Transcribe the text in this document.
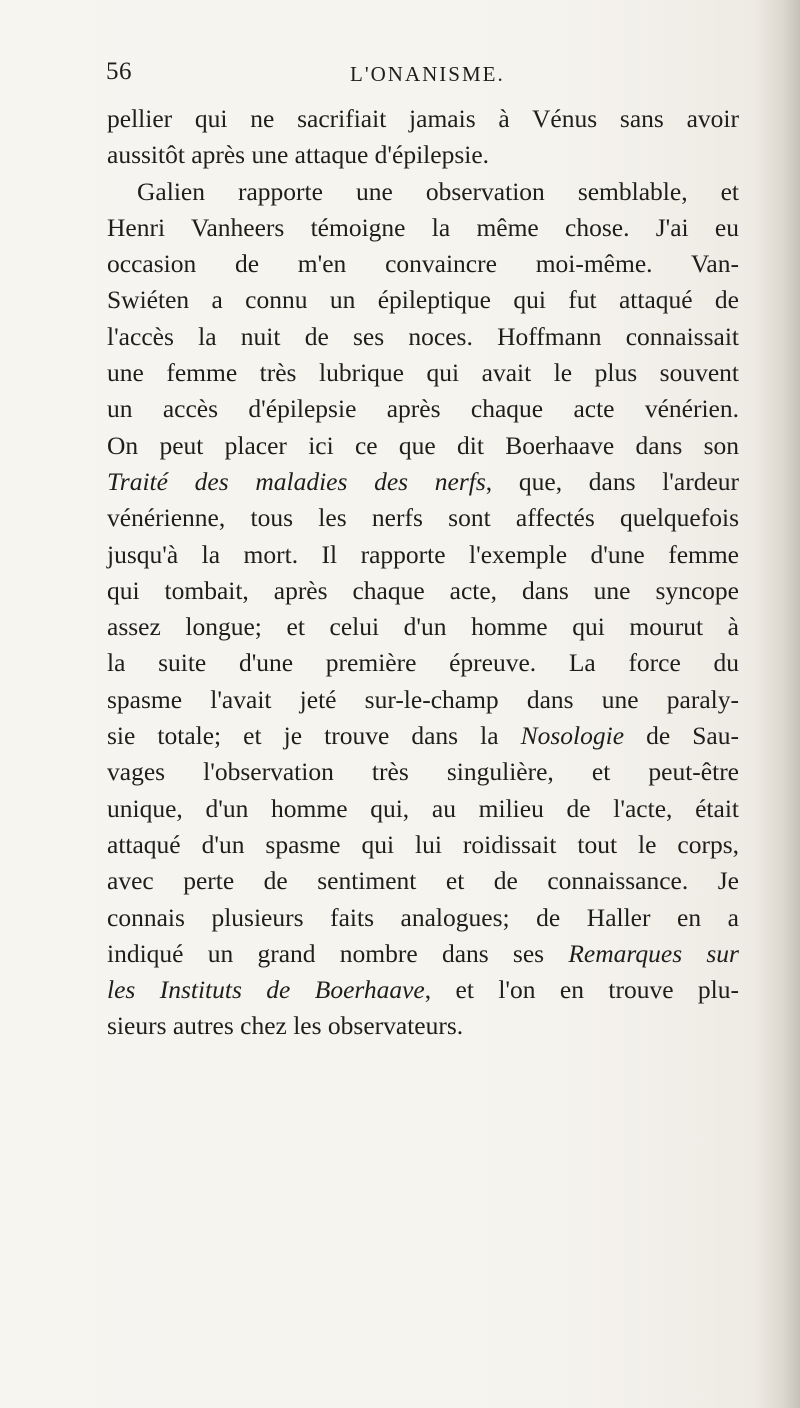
56	L'ONANISME.
pellier qui ne sacrifiait jamais à Vénus sans avoir
aussitôt après une attaque d'épilepsie.
Galien rapporte une observation semblable, et
Henri Vanheers témoigne la même chose. J'ai eu
occasion de m'en convaincre moi-même. Van-
Swiéten a connu un épileptique qui fut attaqué de
l'accès la nuit de ses noces. Hoffmann connaissait
une femme très lubrique qui avait le plus souvent
un accès d'épilepsie après chaque acte vénérien.
On peut placer ici ce que dit Boerhaave dans son
Traité des maladies des nerfs, que, dans l'ardeur
vénérienne, tous les nerfs sont affectés quelquefois
jusqu'à la mort. Il rapporte l'exemple d'une femme
qui tombait, après chaque acte, dans une syncope
assez longue; et celui d'un homme qui mourut à
la suite d'une première épreuve. La force du
spasme l'avait jeté sur-le-champ dans une paraly-
sie totale; et je trouve dans la Nosologie de Sau-
vages l'observation très singulière, et peut-être
unique, d'un homme qui, au milieu de l'acte, était
attaqué d'un spasme qui lui roidissait tout le corps,
avec perte de sentiment et de connaissance. Je
connais plusieurs faits analogues; de Haller en a
indiqué un grand nombre dans ses Remarques sur
les Instituts de Boerhaave, et l'on en trouve plu-
sieurs autres chez les observateurs.
